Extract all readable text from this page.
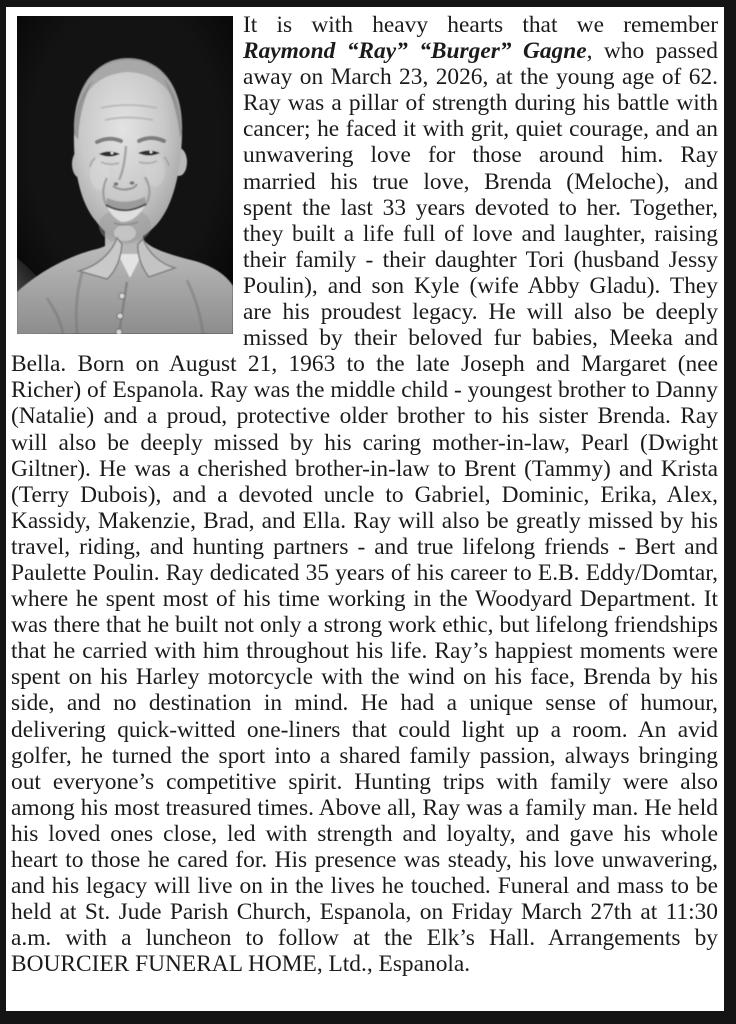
It is with heavy hearts that we remember Raymond “Ray” “Burger” Gagne, who passed away on March 23, 2026, at the young age of 62. Ray was a pillar of strength during his battle with cancer; he faced it with grit, quiet courage, and an unwavering love for those around him. Ray married his true love, Brenda (Meloche), and spent the last 33 years devoted to her. Together, they built a life full of love and laughter, raising their family - their daughter Tori (husband Jessy Poulin), and son Kyle (wife Abby Gladu). They are his proudest legacy. He will also be deeply missed by their beloved fur babies, Meeka and Bella. Born on August 21, 1963 to the late Joseph and Margaret (nee Richer) of Espanola. Ray was the middle child - youngest brother to Danny (Natalie) and a proud, protective older brother to his sister Brenda. Ray will also be deeply missed by his caring mother-in-law, Pearl (Dwight Giltner). He was a cherished brother-in-law to Brent (Tammy) and Krista (Terry Dubois), and a devoted uncle to Gabriel, Dominic, Erika, Alex, Kassidy, Makenzie, Brad, and Ella. Ray will also be greatly missed by his travel, riding, and hunting partners - and true lifelong friends - Bert and Paulette Poulin. Ray dedicated 35 years of his career to E.B. Eddy/Domtar, where he spent most of his time working in the Woodyard Department. It was there that he built not only a strong work ethic, but lifelong friendships that he carried with him throughout his life. Ray’s happiest moments were spent on his Harley motorcycle with the wind on his face, Brenda by his side, and no destination in mind. He had a unique sense of humour, delivering quick-witted one-liners that could light up a room. An avid golfer, he turned the sport into a shared family passion, always bringing out everyone’s competitive spirit. Hunting trips with family were also among his most treasured times. Above all, Ray was a family man. He held his loved ones close, led with strength and loyalty, and gave his whole heart to those he cared for. His presence was steady, his love unwavering, and his legacy will live on in the lives he touched. Funeral and mass to be held at St. Jude Parish Church, Espanola, on Friday March 27th at 11:30 a.m. with a luncheon to follow at the Elk’s Hall. Arrangements by BOURCIER FUNERAL HOME, Ltd., Espanola.
